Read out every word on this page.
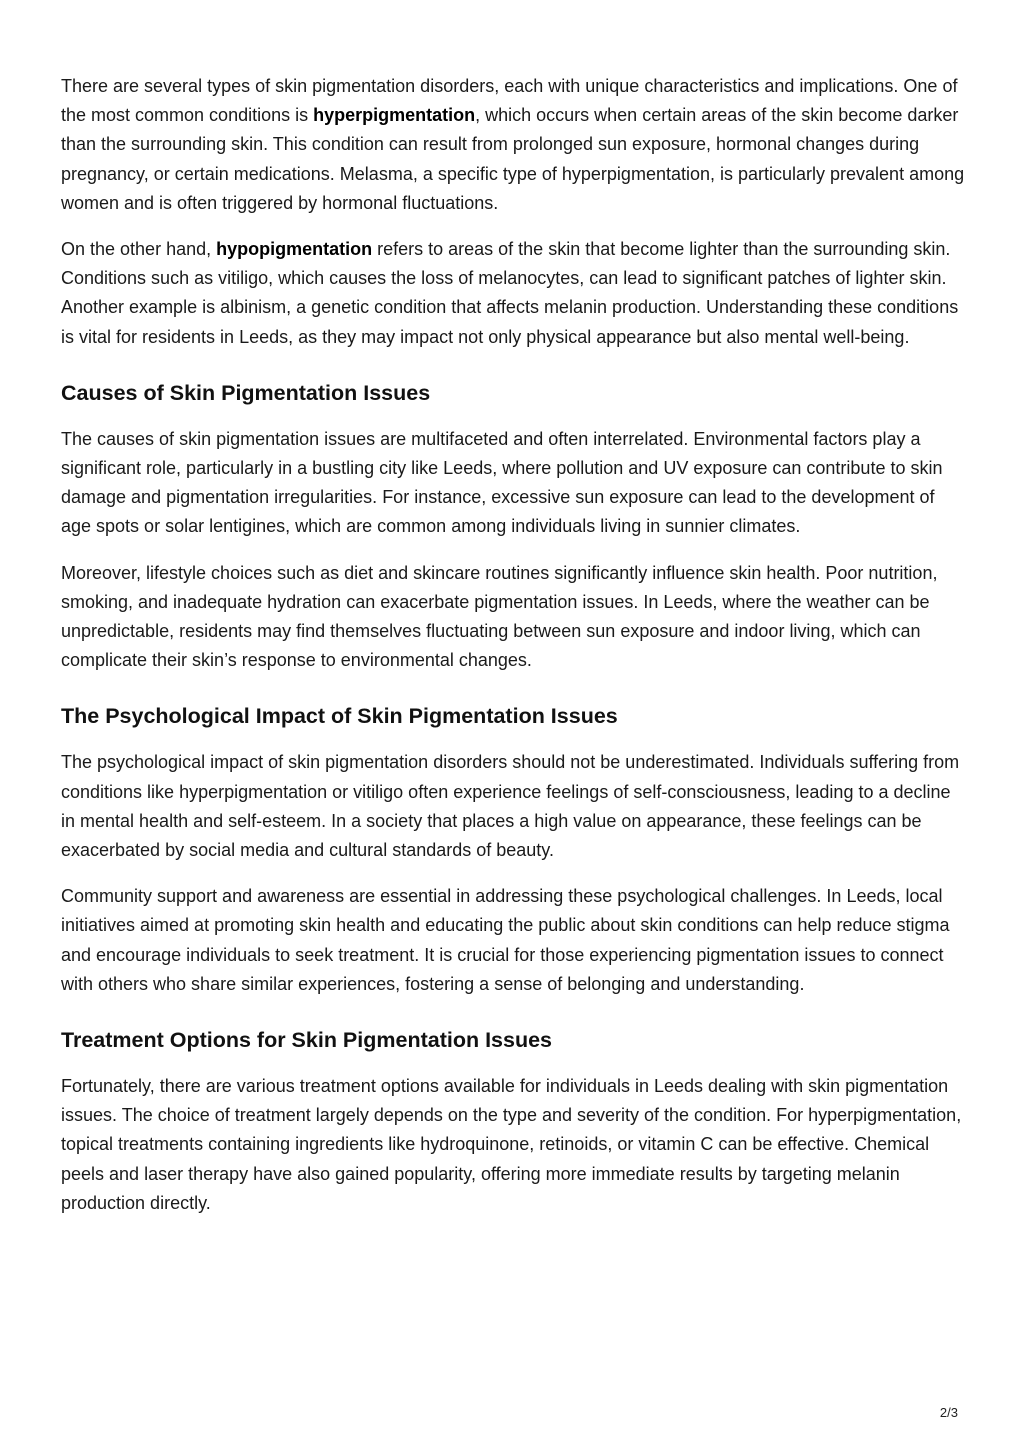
There are several types of skin pigmentation disorders, each with unique characteristics and implications. One of the most common conditions is hyperpigmentation, which occurs when certain areas of the skin become darker than the surrounding skin. This condition can result from prolonged sun exposure, hormonal changes during pregnancy, or certain medications. Melasma, a specific type of hyperpigmentation, is particularly prevalent among women and is often triggered by hormonal fluctuations.

On the other hand, hypopigmentation refers to areas of the skin that become lighter than the surrounding skin. Conditions such as vitiligo, which causes the loss of melanocytes, can lead to significant patches of lighter skin. Another example is albinism, a genetic condition that affects melanin production. Understanding these conditions is vital for residents in Leeds, as they may impact not only physical appearance but also mental well-being.

Causes of Skin Pigmentation Issues

The causes of skin pigmentation issues are multifaceted and often interrelated. Environmental factors play a significant role, particularly in a bustling city like Leeds, where pollution and UV exposure can contribute to skin damage and pigmentation irregularities. For instance, excessive sun exposure can lead to the development of age spots or solar lentigines, which are common among individuals living in sunnier climates.

Moreover, lifestyle choices such as diet and skincare routines significantly influence skin health. Poor nutrition, smoking, and inadequate hydration can exacerbate pigmentation issues. In Leeds, where the weather can be unpredictable, residents may find themselves fluctuating between sun exposure and indoor living, which can complicate their skin’s response to environmental changes.

The Psychological Impact of Skin Pigmentation Issues

The psychological impact of skin pigmentation disorders should not be underestimated. Individuals suffering from conditions like hyperpigmentation or vitiligo often experience feelings of self-consciousness, leading to a decline in mental health and self-esteem. In a society that places a high value on appearance, these feelings can be exacerbated by social media and cultural standards of beauty.

Community support and awareness are essential in addressing these psychological challenges. In Leeds, local initiatives aimed at promoting skin health and educating the public about skin conditions can help reduce stigma and encourage individuals to seek treatment. It is crucial for those experiencing pigmentation issues to connect with others who share similar experiences, fostering a sense of belonging and understanding.

Treatment Options for Skin Pigmentation Issues

Fortunately, there are various treatment options available for individuals in Leeds dealing with skin pigmentation issues. The choice of treatment largely depends on the type and severity of the condition. For hyperpigmentation, topical treatments containing ingredients like hydroquinone, retinoids, or vitamin C can be effective. Chemical peels and laser therapy have also gained popularity, offering more immediate results by targeting melanin production directly.

2/3
